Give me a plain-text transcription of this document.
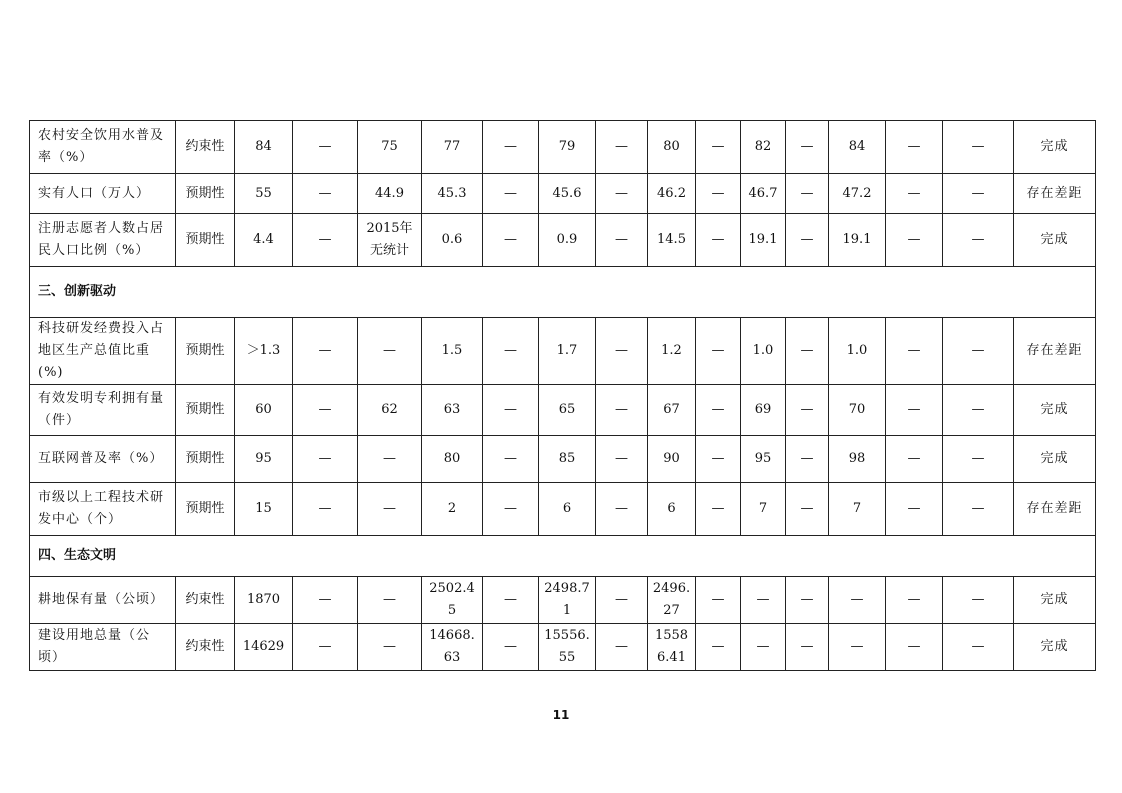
农村安全饮用水普及率（%）	约束性	84	—	75	77	—	79	—	80	—	82	—	84	—	—	完成
实有人口（万人）	预期性	55	—	44.9	45.3	—	45.6	—	46.2	—	46.7	—	47.2	—	—	存在差距
注册志愿者人数占居民人口比例（%）	预期性	4.4	—	2015年无统计	0.6	—	0.9	—	14.5	—	19.1	—	19.1	—	—	完成
三、创新驱动																
科技研发经费投入占地区生产总值比重(%)	预期性	＞1.3	—	—	1.5	—	1.7	—	1.2	—	1.0	—	1.0	—	—	存在差距
有效发明专利拥有量（件）	预期性	60	—	62	63	—	65	—	67	—	69	—	70	—	—	完成
互联网普及率（%）	预期性	95	—	—	80	—	85	—	90	—	95	—	98	—	—	完成
市级以上工程技术研发中心（个）	预期性	15	—	—	2	—	6	—	6	—	7	—	7	—	—	存在差距
四、生态文明																
耕地保有量（公顷）	约束性	1870	—	—	2502.45	—	2498.71	—	2496.27	—	—	—	—	—	—	完成
建设用地总量（公顷）	约束性	14629	—	—	14668.63	—	15556.55	—	15586.41	—	—	—	—	—	—	完成
11
